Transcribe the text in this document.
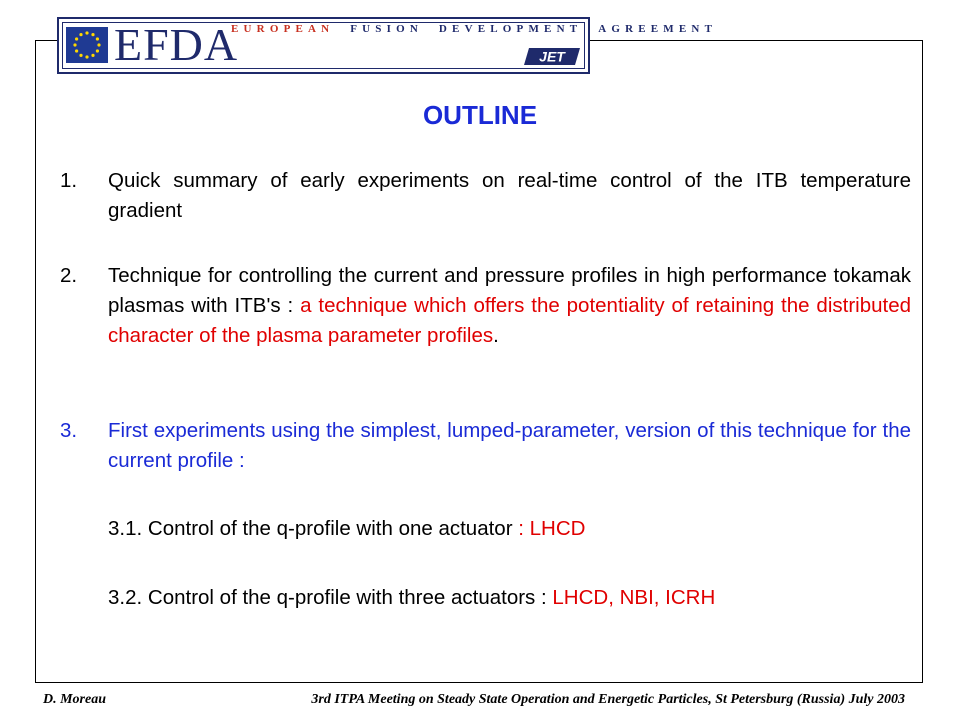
EFDA
EUROPEAN FUSION DEVELOPMENT AGREEMENT
JET
OUTLINE
1. Quick summary of early experiments on real-time control of the ITB temperature gradient
2. Technique for controlling the current and pressure profiles in high performance tokamak plasmas with ITB's : a technique which offers the potentiality of retaining the distributed character of the plasma parameter profiles.
3. First experiments using the simplest, lumped-parameter, version of this technique for the current profile :
3.1. Control of the q-profile with one actuator : LHCD
3.2. Control of the q-profile with three actuators : LHCD, NBI, ICRH
D. Moreau	3rd ITPA Meeting on Steady State Operation and Energetic Particles, St Petersburg (Russia) July 2003
